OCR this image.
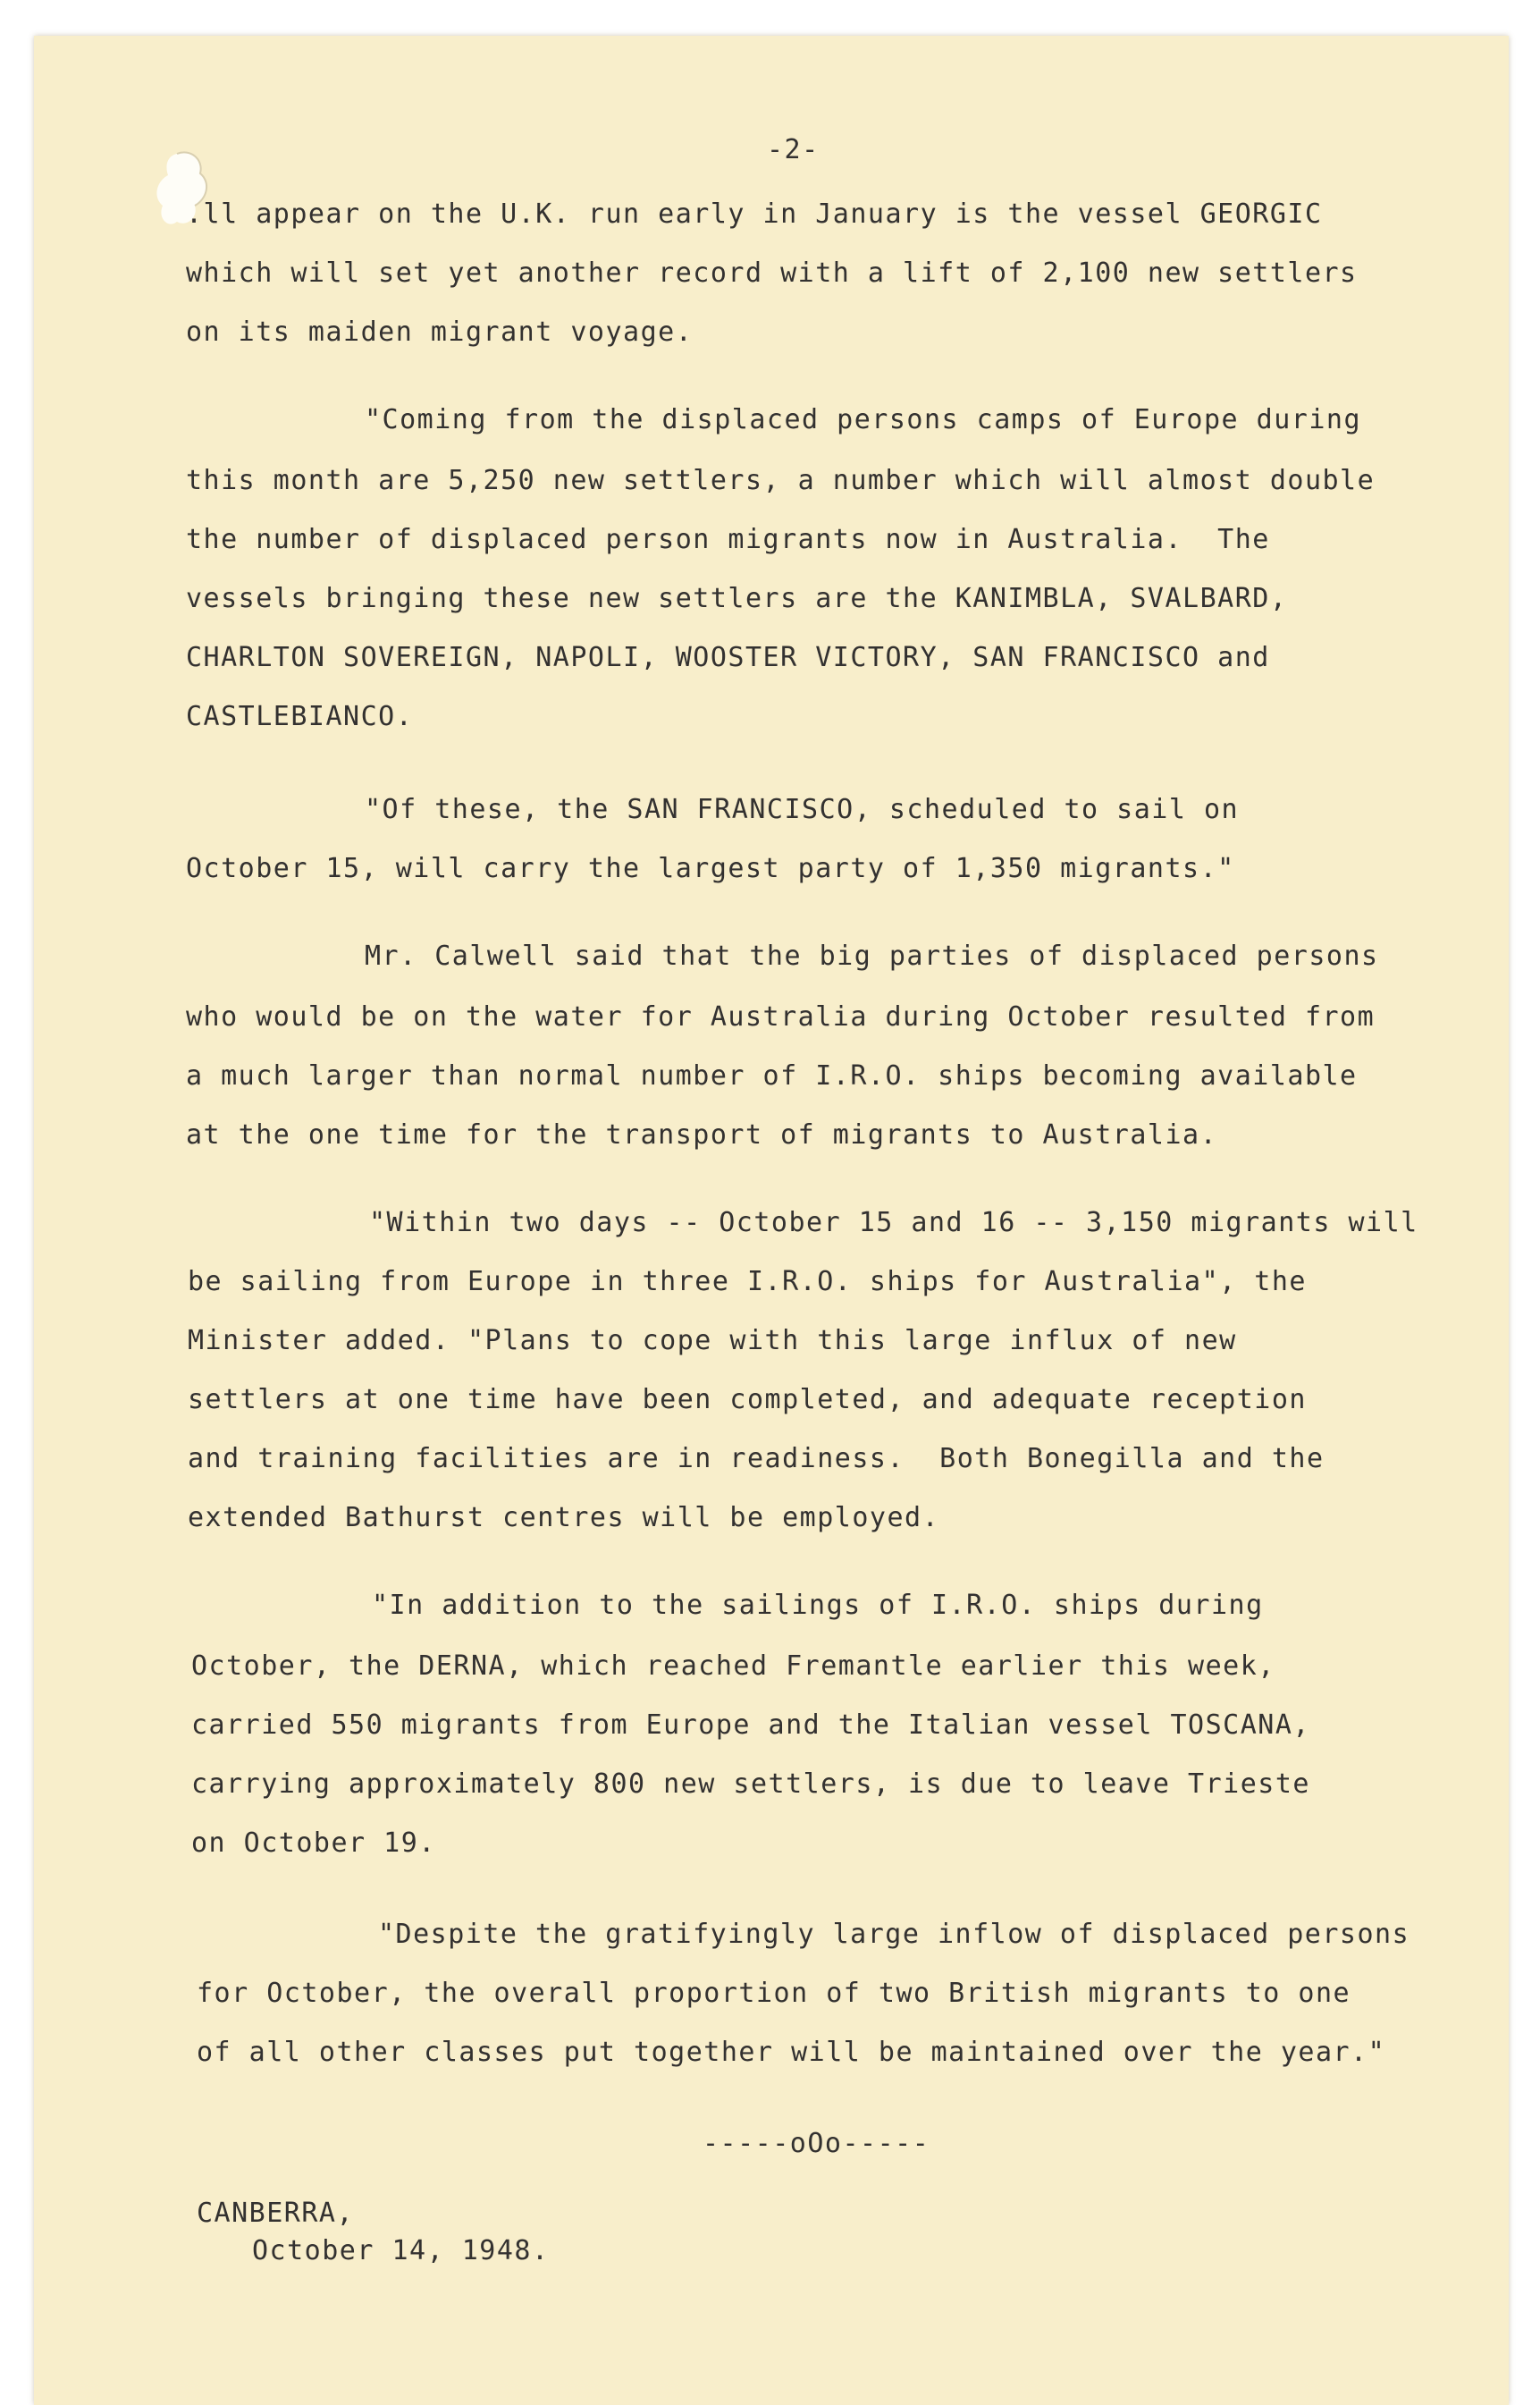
-2-
.ll appear on the U.K. run early in January is the vessel GEORGIC
which will set yet another record with a lift of 2,100 new settlers
on its maiden migrant voyage.
"Coming from the displaced persons camps of Europe during
this month are 5,250 new settlers, a number which will almost double
the number of displaced person migrants now in Australia.  The
vessels bringing these new settlers are the KANIMBLA, SVALBARD,
CHARLTON SOVEREIGN, NAPOLI, WOOSTER VICTORY, SAN FRANCISCO and
CASTLEBIANCO.
"Of these, the SAN FRANCISCO, scheduled to sail on
October 15, will carry the largest party of 1,350 migrants."
Mr. Calwell said that the big parties of displaced persons
who would be on the water for Australia during October resulted from
a much larger than normal number of I.R.O. ships becoming available
at the one time for the transport of migrants to Australia.
"Within two days -- October 15 and 16 -- 3,150 migrants will
be sailing from Europe in three I.R.O. ships for Australia", the
Minister added. "Plans to cope with this large influx of new
settlers at one time have been completed, and adequate reception
and training facilities are in readiness.  Both Bonegilla and the
extended Bathurst centres will be employed.
"In addition to the sailings of I.R.O. ships during
October, the DERNA, which reached Fremantle earlier this week,
carried 550 migrants from Europe and the Italian vessel TOSCANA,
carrying approximately 800 new settlers, is due to leave Trieste
on October 19.
"Despite the gratifyingly large inflow of displaced persons
for October, the overall proportion of two British migrants to one
of all other classes put together will be maintained over the year."
-----oOo-----
CANBERRA,
October 14, 1948.
